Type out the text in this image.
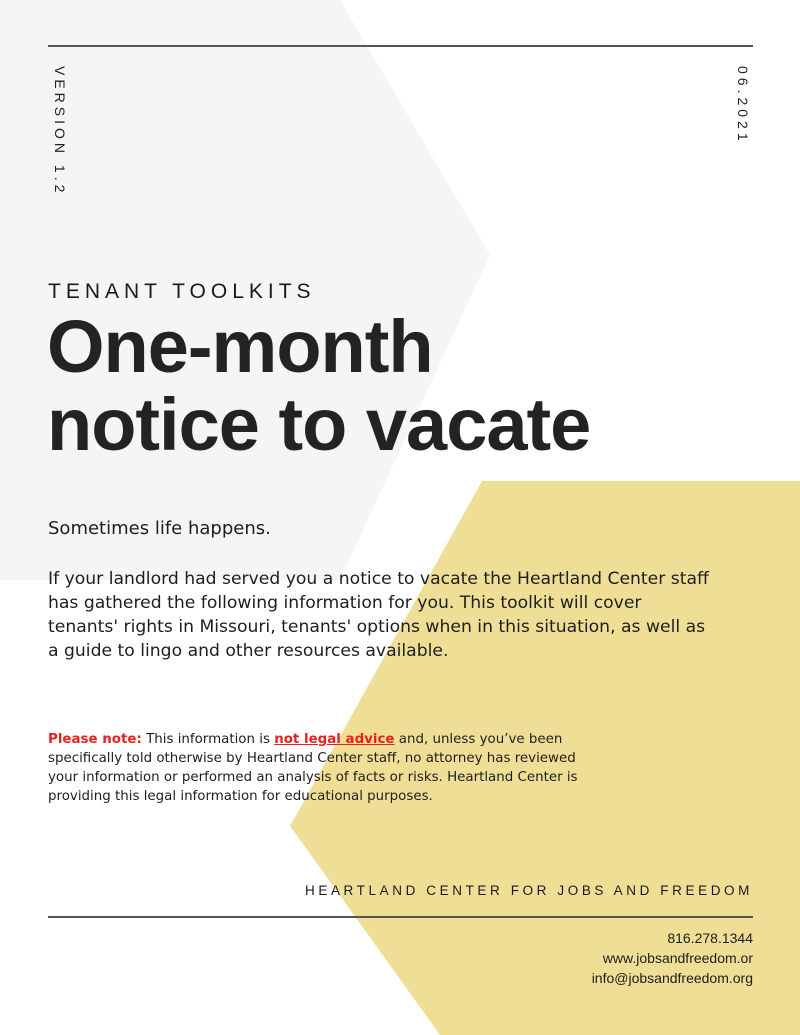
VERSION 1.2	06.2021
TENANT TOOLKITS
One-month
notice to vacate

Sometimes life happens.

If your landlord had served you a notice to vacate the Heartland Center staff has gathered the following information for you. This toolkit will cover tenants' rights in Missouri, tenants' options when in this situation, as well as a guide to lingo and other resources available.

Please note: This information is not legal advice and, unless you’ve been specifically told otherwise by Heartland Center staff, no attorney has reviewed your information or performed an analysis of facts or risks. Heartland Center is providing this legal information for educational purposes.

HEARTLAND CENTER FOR JOBS AND FREEDOM
816.278.1344
www.jobsandfreedom.or
info@jobsandfreedom.org
